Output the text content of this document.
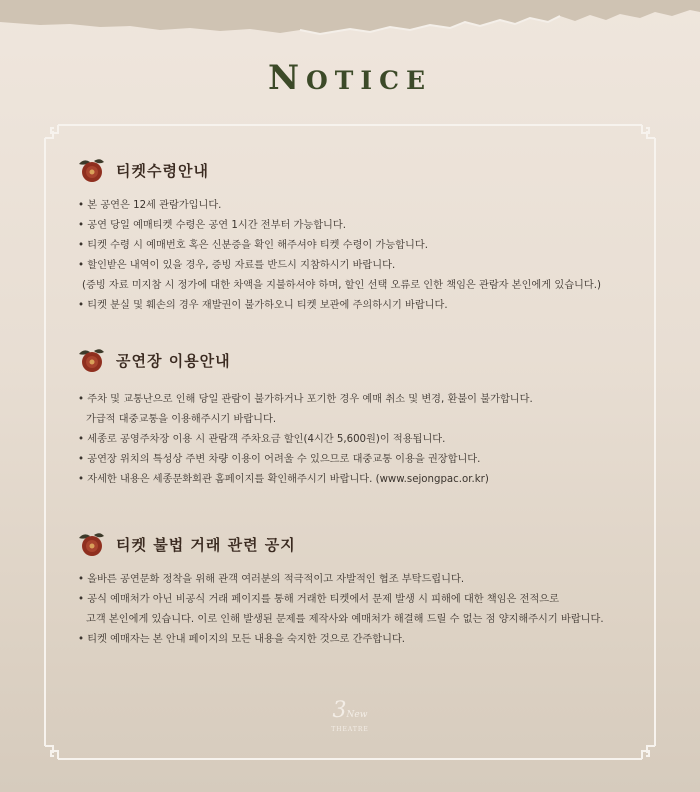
NOTICE
티켓수령안내
• 본 공연은 12세 관람가입니다.
• 공연 당일 예매티켓 수령은 공연 1시간 전부터 가능합니다.
• 티켓 수령 시 예매번호 혹은 신분증을 확인 해주셔야 티켓 수령이 가능합니다.
• 할인받은 내역이 있을 경우, 증빙 자료를 반드시 지참하시기 바랍니다.
(증빙 자료 미지참 시 정가에 대한 차액을 지불하셔야 하며, 할인 선택 오류로 인한 책임은 관람자 본인에게 있습니다.)
• 티켓 분실 및 훼손의 경우 재발권이 불가하오니 티켓 보관에 주의하시기 바랍니다.
공연장 이용안내
• 주차 및 교통난으로 인해 당일 관람이 불가하거나 포기한 경우 예매 취소 및 변경, 환불이 불가합니다.
가급적 대중교통을 이용해주시기 바랍니다.
• 세종로 공영주차장 이용 시 관람객 주차요금 할인(4시간 5,600원)이 적용됩니다.
• 공연장 위치의 특성상 주변 차량 이용이 어려울 수 있으므로 대중교통 이용을 권장합니다.
• 자세한 내용은 세종문화회관 홈페이지를 확인해주시기 바랍니다. (www.sejongpac.or.kr)
티켓 불법 거래 관련 공지
• 올바른 공연문화 정착을 위해 관객 여러분의 적극적이고 자발적인 협조 부탁드립니다.
• 공식 예매처가 아닌 비공식 거래 페이지를 통해 거래한 티켓에서 문제 발생 시 피해에 대한 책임은 전적으로
고객 본인에게 있습니다. 이로 인해 발생된 문제를 제작사와 예매처가 해결해 드릴 수 없는 점 양지해주시기 바랍니다.
• 티켓 예매자는 본 안내 페이지의 모든 내용을 숙지한 것으로 간주합니다.
3New
THEATRE
